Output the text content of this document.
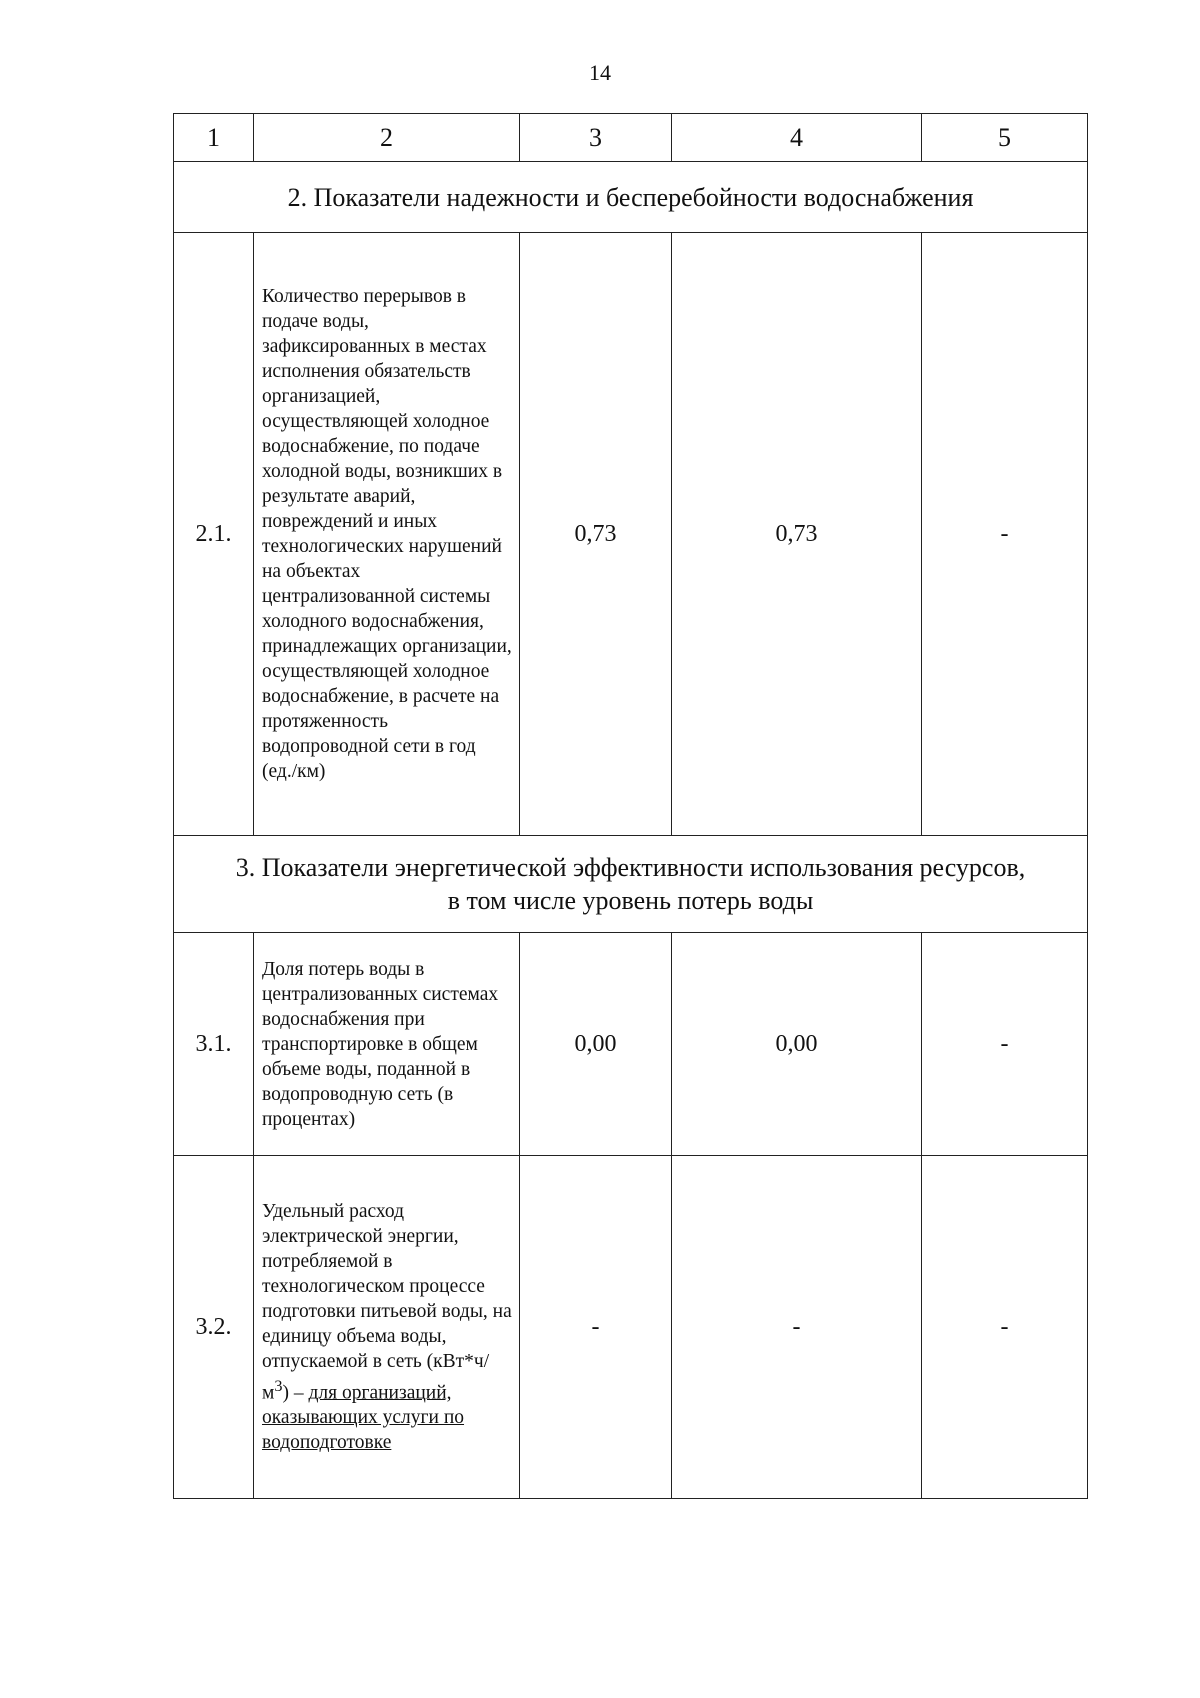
14
1	2	3	4	5
2. Показатели надежности и бесперебойности водоснабжения				
2.1.	Количество перерывов в подаче воды, зафиксированных в местах исполнения обязательств организацией, осуществляющей холодное водоснабжение, по подаче холодной воды, возникших в результате аварий, повреждений и иных технологических нарушений на объектах централизованной системы холодного водоснабжения, принадлежащих организации, осуществляющей холодное водоснабжение, в расчете на протяженность водопроводной сети в год (ед./км)	0,73	0,73	-

3. Показатели энергетической эффективности использования ресурсов,
в том числе уровень потерь воды				

3.1.	Доля потерь воды в централизованных системах водоснабжения при транспортировке в общем объеме воды, поданной в водопроводную сеть (в процентах)	0,00	0,00	-
3.2.	Удельный расход электрической энергии, потребляемой в технологическом процессе подготовки питьевой воды, на единицу объема воды, отпускаемой в сеть $(кВт*ч/м^3)$ – для организаций, оказывающих услуги по водоподготовке	-	-	-
